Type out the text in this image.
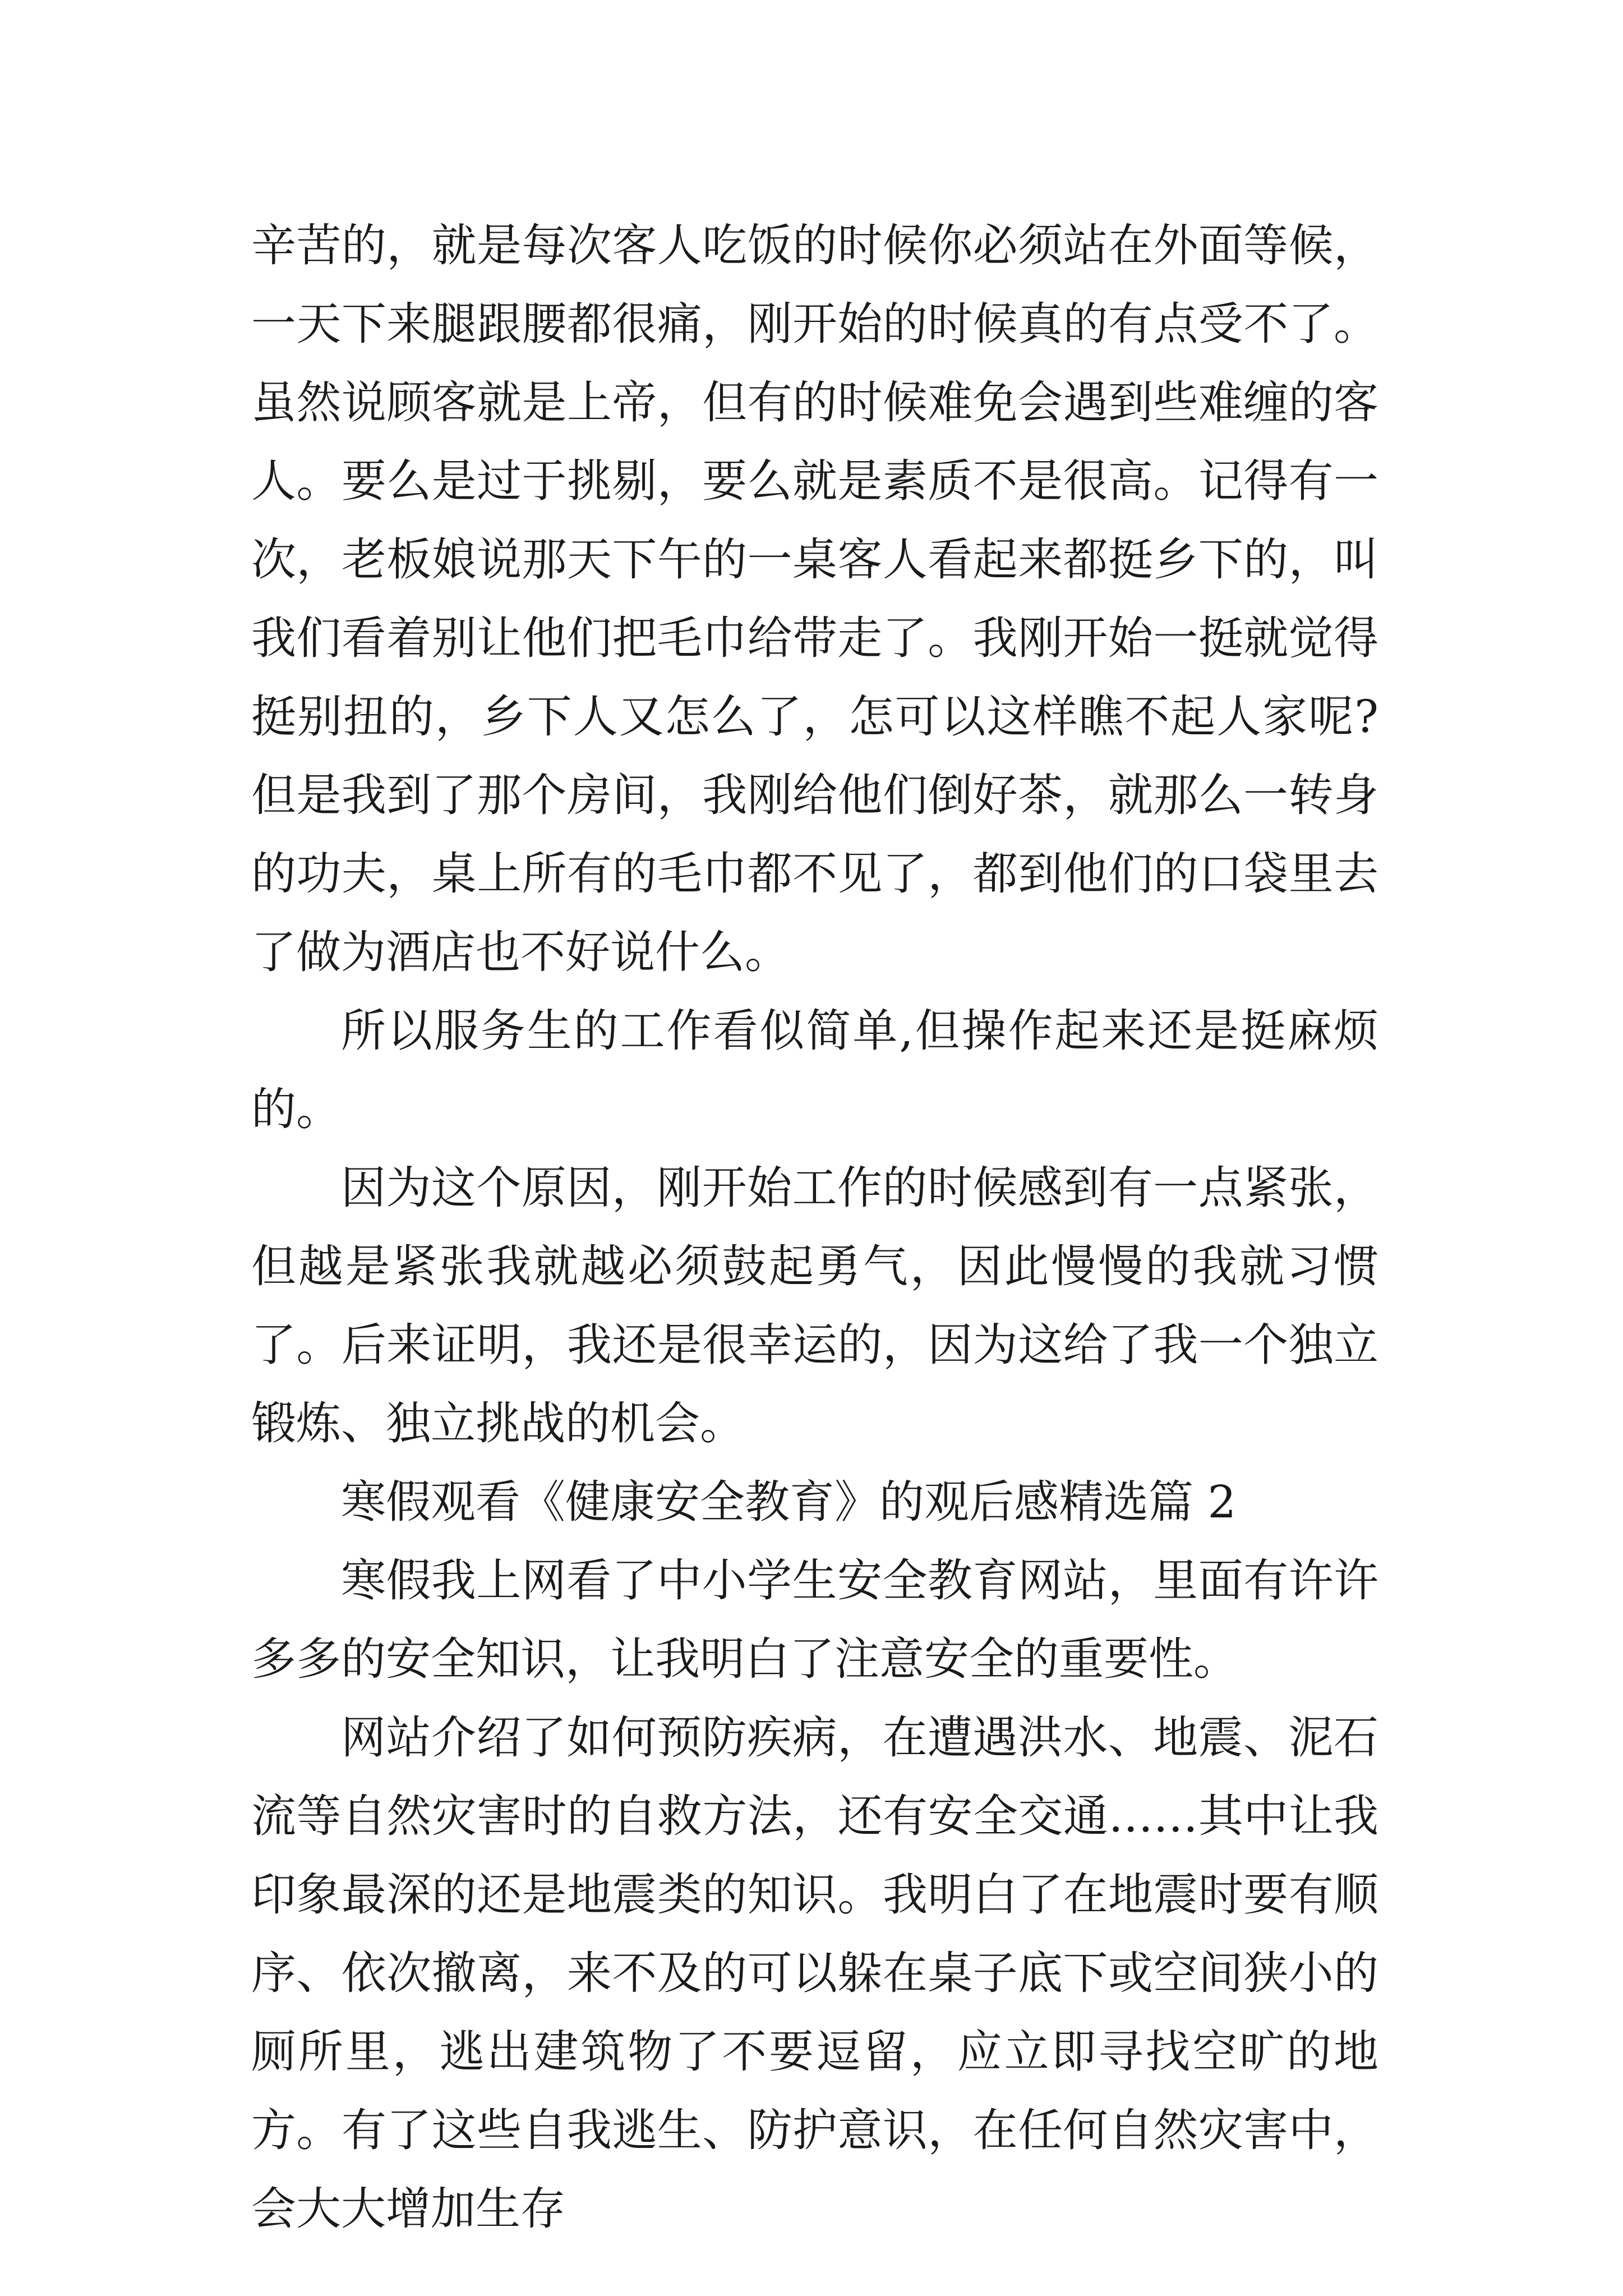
辛苦的，就是每次客人吃饭的时候你必须站在外面等候，一天下来腿跟腰都很痛，刚开始的时候真的有点受不了。虽然说顾客就是上帝，但有的时候难免会遇到些难缠的客人。要么是过于挑剔，要么就是素质不是很高。记得有一次，老板娘说那天下午的一桌客人看起来都挺乡下的，叫我们看着别让他们把毛巾给带走了。我刚开始一挺就觉得挺别扭的，乡下人又怎么了，怎可以这样瞧不起人家呢?但是我到了那个房间，我刚给他们倒好茶，就那么一转身的功夫，桌上所有的毛巾都不见了，都到他们的口袋里去了做为酒店也不好说什么。

所以服务生的工作看似简单,但操作起来还是挺麻烦的。

因为这个原因，刚开始工作的时候感到有一点紧张，但越是紧张我就越必须鼓起勇气，因此慢慢的我就习惯了。后来证明，我还是很幸运的，因为这给了我一个独立锻炼、独立挑战的机会。

寒假观看《健康安全教育》的观后感精选篇 2

寒假我上网看了中小学生安全教育网站，里面有许许多多的安全知识，让我明白了注意安全的重要性。

网站介绍了如何预防疾病，在遭遇洪水、地震、泥石流等自然灾害时的自救方法，还有安全交通……其中让我印象最深的还是地震类的知识。我明白了在地震时要有顺序、依次撤离，来不及的可以躲在桌子底下或空间狭小的厕所里，逃出建筑物了不要逗留，应立即寻找空旷的地方。有了这些自我逃生、防护意识，在任何自然灾害中，会大大增加生存
